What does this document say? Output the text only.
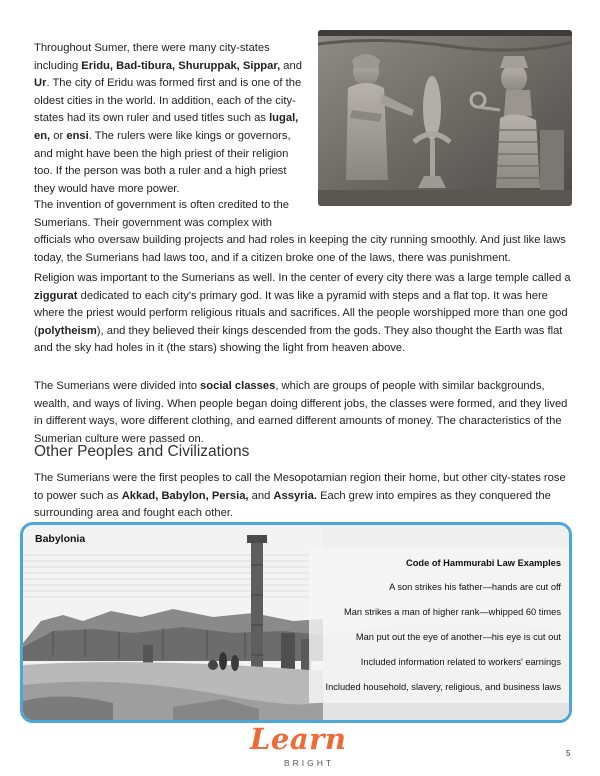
Throughout Sumer, there were many city-states including Eridu, Bad-tibura, Shuruppak, Sippar, and Ur. The city of Eridu was formed first and is one of the oldest cities in the world. In addition, each of the city-states had its own ruler and used titles such as lugal, en, or ensi. The rulers were like kings or governors, and might have been the high priest of their religion too. If the person was both a ruler and a high priest they would have more power.

The invention of government is often credited to the Sumerians. Their government was complex with
officials who oversaw building projects and had roles in keeping the city running smoothly. And just like laws today, the Sumerians had laws too, and if a citizen broke one of the laws, there was punishment.

Religion was important to the Sumerians as well. In the center of every city there was a large temple called a ziggurat dedicated to each city's primary god. It was like a pyramid with steps and a flat top. It was here where the priest would perform religious rituals and sacrifices. All the people worshipped more than one god (polytheism), and they believed their kings descended from the gods. They also thought the Earth was flat and the sky had holes in it (the stars) showing the light from heaven above.

The Sumerians were divided into social classes, which are groups of people with similar backgrounds, wealth, and ways of living. When people began doing different jobs, the classes were formed, and they lived in different ways, wore different clothing, and earned different amounts of money. The characteristics of the Sumerian culture were passed on.

Other Peoples and Civilizations

The Sumerians were the first peoples to call the Mesopotamian region their home, but other city-states rose to power such as Akkad, Babylon, Persia, and Assyria. Each grew into empires as they conquered the surrounding area and fought each other.

Babylonia
Code of Hammurabi Law Examples
A son strikes his father—hands are cut off
Man strikes a man of higher rank—whipped 60 times
Man put out the eye of another—his eye is cut out
Included information related to workers' earnings
Included household, slavery, religious, and business laws
Learn
BRIGHT
5
